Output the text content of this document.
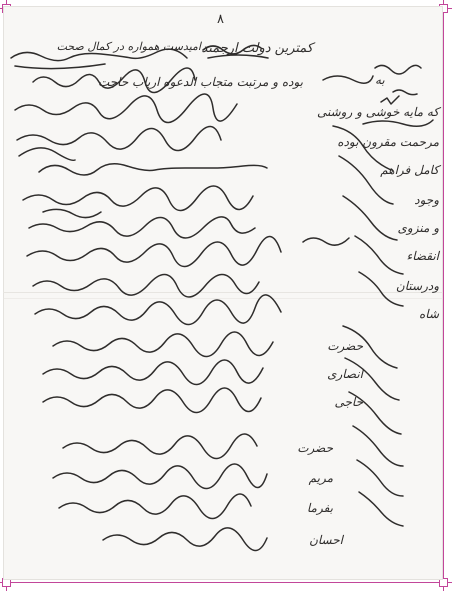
٨
کمترین دولت ارجمند
امیدست همواره در کمال صحت
به
بوده و مرتبت متجاب الدعوه ارباب حاجت
که مایه خوشی و روشنی
مرحمت مقرون بوده
کامل فراهم
وجود
و منزوی
انقضاء
ودرستان
شاه
حضرت
انصاری
حاجی
حضرت
مریم
بفرما
احسان
